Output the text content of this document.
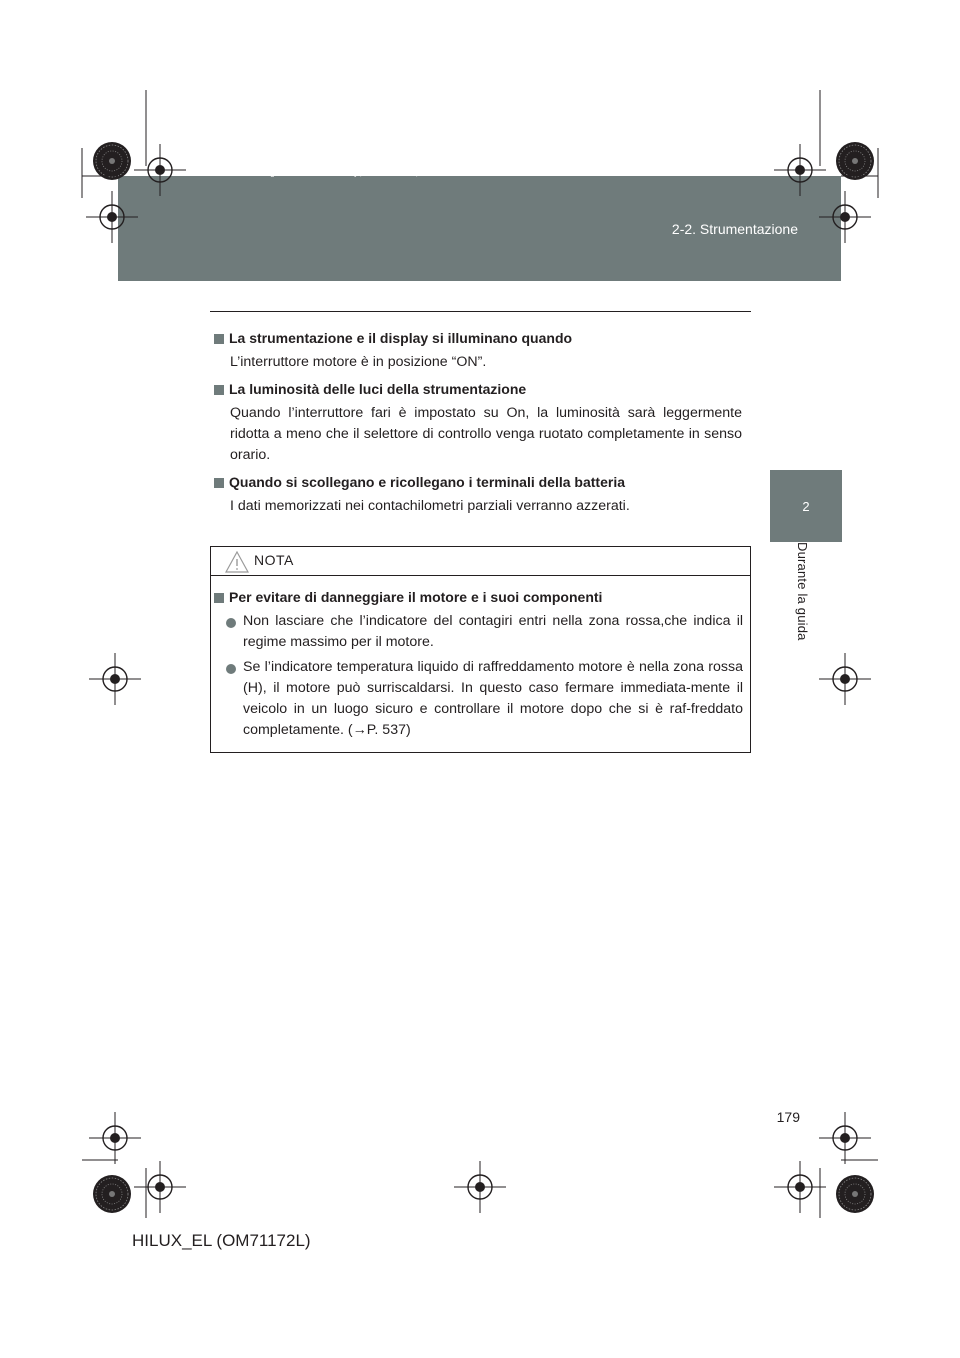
HILUX_EL.book Page 179 Wednesday, March 23, 2011 3:30 PM
2-2. Strumentazione
2
Durante la guida
La strumentazione e il display si illuminano quando
L’interruttore motore è in posizione “ON”.
La luminosità delle luci della strumentazione
Quando l’interruttore fari è impostato su On, la luminosità sarà leggermente ridotta a meno che il selettore di controllo venga ruotato completamente in senso orario.
Quando si scollegano e ricollegano i terminali della batteria
I dati memorizzati nei contachilometri parziali verranno azzerati.
NOTA
Per evitare di danneggiare il motore e i suoi componenti
Non lasciare che l’indicatore del contagiri entri nella zona rossa,che indica il regime massimo per il motore.
Se l’indicatore temperatura liquido di raffreddamento motore è nella zona rossa (H), il motore può surriscaldarsi. In questo caso fermare immediata-mente il veicolo in un luogo sicuro e controllare il motore dopo che si è raf-freddato completamente. (→P. 537)
179
HILUX_EL (OM71172L)
